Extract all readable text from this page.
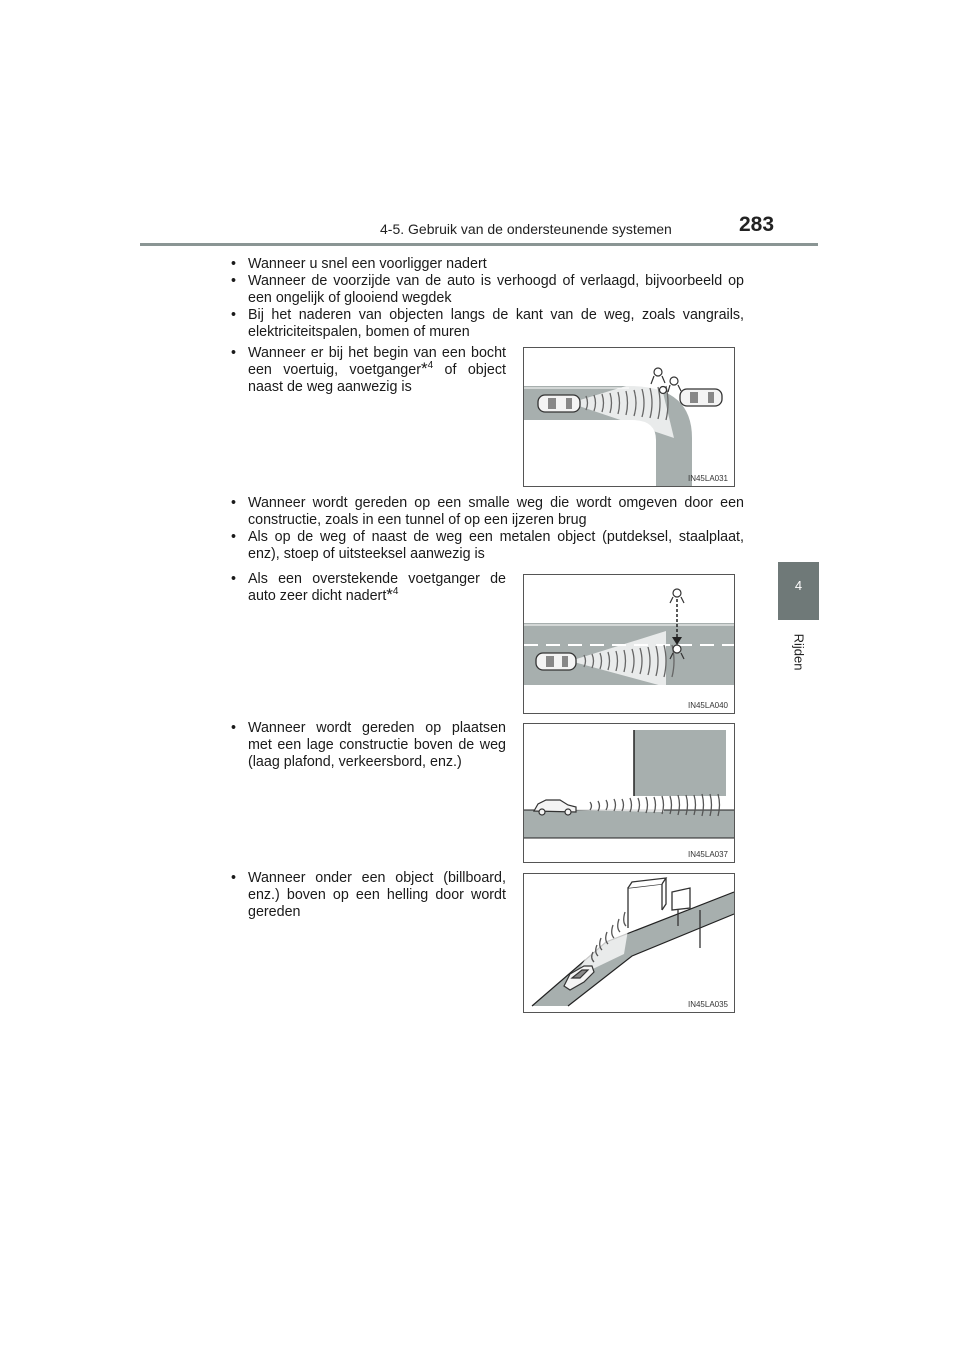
4-5. Gebruik van de ondersteunende systemen	283
4
Rijden
• Wanneer u snel een voorligger nadert
• Wanneer de voorzijde van de auto is verhoogd of verlaagd, bijvoorbeeld op een ongelijk of glooiend wegdek
• Bij het naderen van objecten langs de kant van de weg, zoals vangrails, elektriciteitspalen, bomen of muren
• Wanneer er bij het begin van een bocht een voertuig, voetganger*$^4$ of object naast de weg aanwezig is
IN45LA031
• Wanneer wordt gereden op een smalle weg die wordt omgeven door een constructie, zoals in een tunnel of op een ijzeren brug
• Als op de weg of naast de weg een metalen object (putdeksel, staalplaat, enz), stoep of uitsteeksel aanwezig is
• Als een overstekende voetganger de auto zeer dicht nadert*$^4$
IN45LA040
• Wanneer wordt gereden op plaatsen met een lage constructie boven de weg (laag plafond, verkeersbord, enz.)
IN45LA037
• Wanneer onder een object (billboard, enz.) boven op een helling door wordt gereden
IN45LA035
